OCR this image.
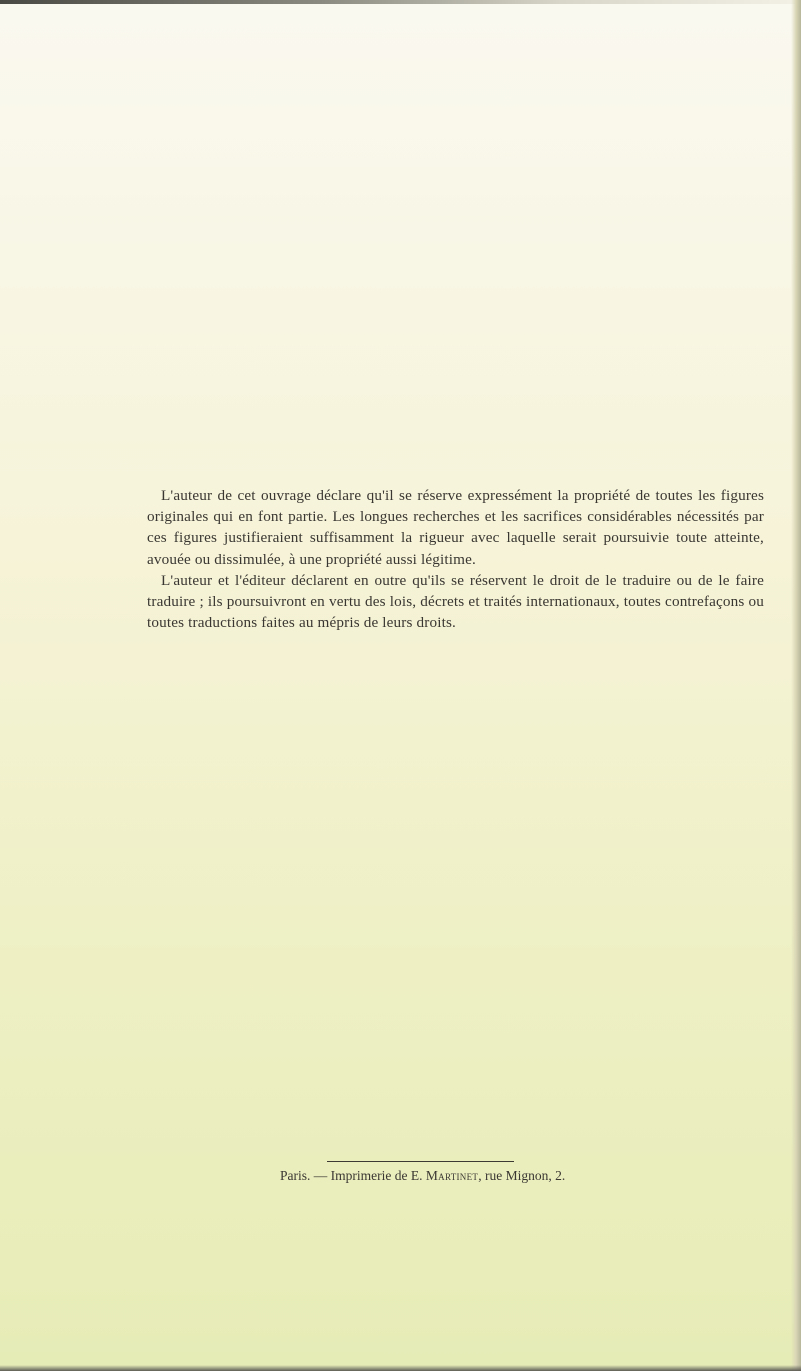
L'auteur de cet ouvrage déclare qu'il se réserve expressément la propriété de toutes les figures originales qui en font partie. Les longues recherches et les sacrifices considérables nécessités par ces figures justifieraient suffisamment la rigueur avec laquelle serait poursuivie toute atteinte, avouée ou dissimulée, à une propriété aussi légitime.

L'auteur et l'éditeur déclarent en outre qu'ils se réservent le droit de le traduire ou de le faire traduire ; ils poursuivront en vertu des lois, décrets et traités internationaux, toutes contrefaçons ou toutes traductions faites au mépris de leurs droits.

Paris. — Imprimerie de E. Martinet, rue Mignon, 2.
